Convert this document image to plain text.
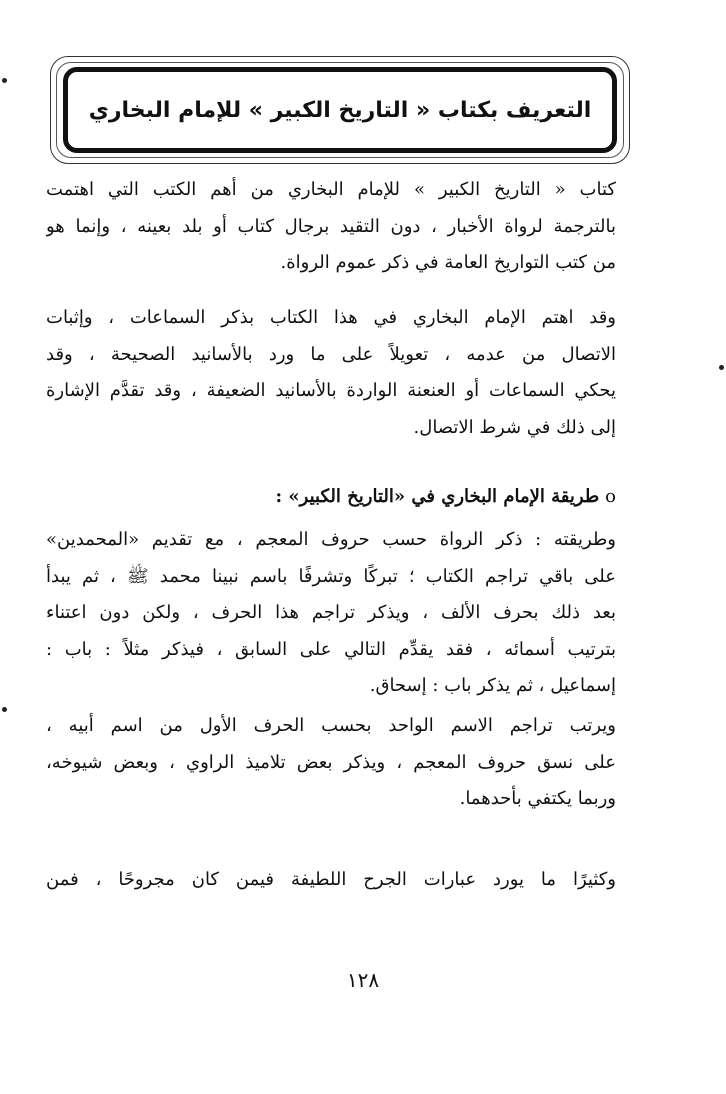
التعريف بكتاب « التاريخ الكبير » للإمام البخاري
كتاب « التاريخ الكبير » للإمام البخاري من أهم الكتب التي اهتمت
بالترجمة لرواة الأخبار ، دون التقيد برجال كتاب أو بلد بعينه ، وإنما هو
من كتب التواريخ العامة في ذكر عموم الرواة.
وقد اهتم الإمام البخاري في هذا الكتاب بذكر السماعات ، وإثبات
الاتصال من عدمه ، تعويلاً على ما ورد بالأسانيد الصحيحة ، وقد
يحكي السماعات أو العنعنة الواردة بالأسانيد الضعيفة ، وقد تقدَّم الإشارة
إلى ذلك في شرط الاتصال.
oطريقة الإمام البخاري في «التاريخ الكبير» :
وطريقته : ذكر الرواة حسب حروف المعجم ، مع تقديم «المحمدين»
على باقي تراجم الكتاب ؛ تبركًا وتشرفًا باسم نبينا محمد ﷺ ، ثم يبدأ
بعد ذلك بحرف الألف ، ويذكر تراجم هذا الحرف ، ولكن دون اعتناء
بترتيب أسمائه ، فقد يقدِّم التالي على السابق ، فيذكر مثلاً : باب :
إسماعيل ، ثم يذكر باب : إسحاق.
ويرتب تراجم الاسم الواحد بحسب الحرف الأول من اسم أبيه ،
على نسق حروف المعجم ، ويذكر بعض تلاميذ الراوي ، وبعض شيوخه،
وربما يكتفي بأحدهما.
وكثيرًا ما يورد عبارات الجرح اللطيفة فيمن كان مجروحًا ، فمن
١٢٨
